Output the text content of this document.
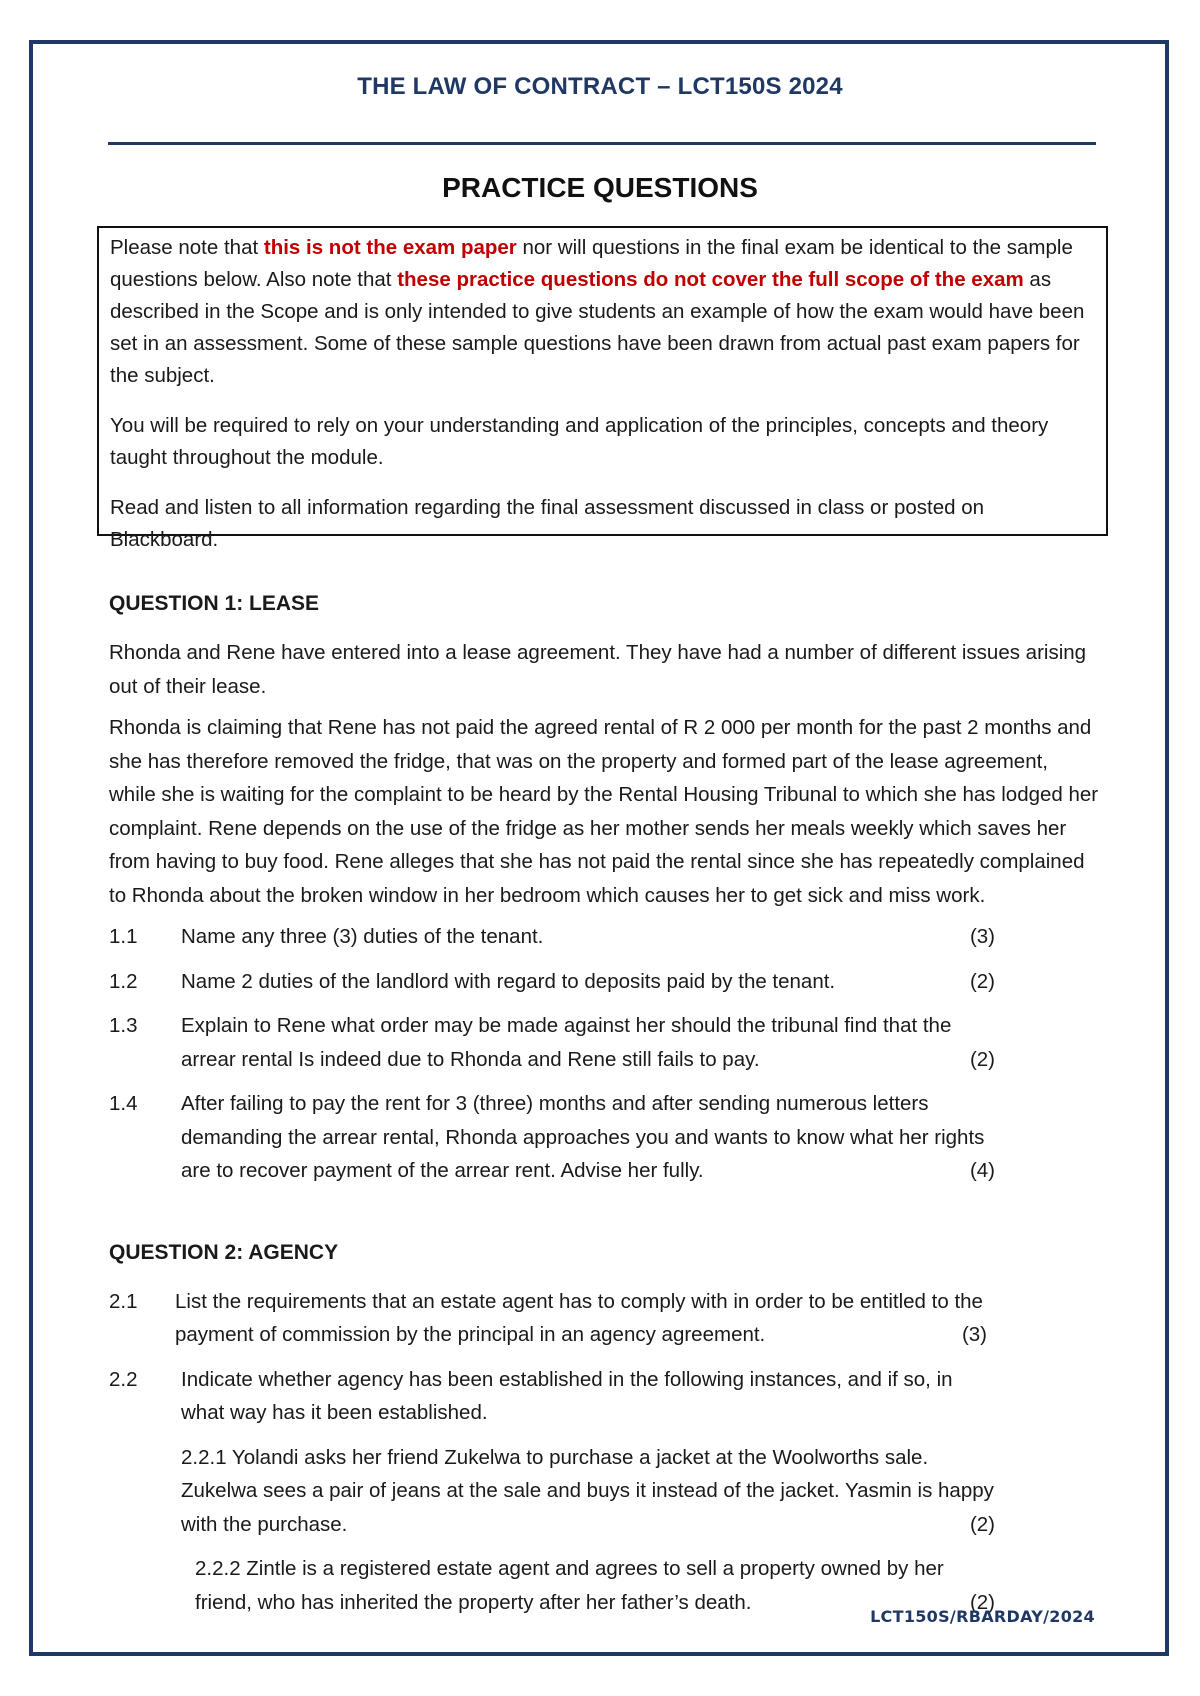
THE LAW OF CONTRACT – LCT150S 2024
PRACTICE QUESTIONS

Please note that this is not the exam paper nor will questions in the final exam be identical to the sample questions below. Also note that these practice questions do not cover the full scope of the exam as described in the Scope and is only intended to give students an example of how the exam would have been set in an assessment. Some of these sample questions have been drawn from actual past exam papers for the subject.

You will be required to rely on your understanding and application of the principles, concepts and theory taught throughout the module.

Read and listen to all information regarding the final assessment discussed in class or posted on Blackboard.

QUESTION 1: LEASE
Rhonda and Rene have entered into a lease agreement. They have had a number of different issues arising out of their lease.
Rhonda is claiming that Rene has not paid the agreed rental of R 2 000 per month for the past 2 months and she has therefore removed the fridge, that was on the property and formed part of the lease agreement, while she is waiting for the complaint to be heard by the Rental Housing Tribunal to which she has lodged her complaint. Rene depends on the use of the fridge as her mother sends her meals weekly which saves her from having to buy food. Rene alleges that she has not paid the rental since she has repeatedly complained to Rhonda about the broken window in her bedroom which causes her to get sick and miss work.
1.1	Name any three (3) duties of the tenant.	(3)
1.2	Name 2 duties of the landlord with regard to deposits paid by the tenant.	(2)
1.3	Explain to Rene what order may be made against her should the tribunal find that the arrear rental Is indeed due to Rhonda and Rene still fails to pay.	(2)
1.4	After failing to pay the rent for 3 (three) months and after sending numerous letters demanding the arrear rental, Rhonda approaches you and wants to know what her rights are to recover payment of the arrear rent. Advise her fully.	(4)
QUESTION 2: AGENCY
2.1	List the requirements that an estate agent has to comply with in order to be entitled to the payment of commission by the principal in an agency agreement.	(3)
2.2	Indicate whether agency has been established in the following instances, and if so, in what way has it been established.
2.2.1 Yolandi asks her friend Zukelwa to purchase a jacket at the Woolworths sale. Zukelwa sees a pair of jeans at the sale and buys it instead of the jacket. Yasmin is happy with the purchase.	(2)
2.2.2 Zintle is a registered estate agent and agrees to sell a property owned by her friend, who has inherited the property after her father’s death.	(2)
LCT150S/RBARDAY/2024
